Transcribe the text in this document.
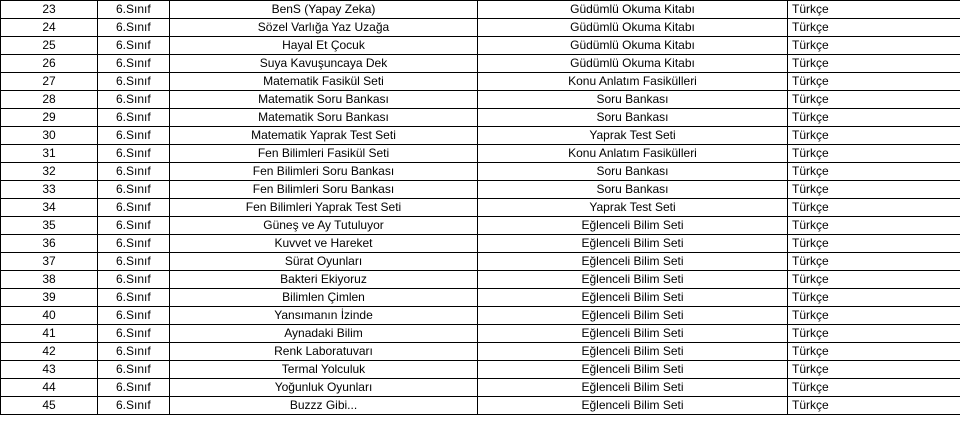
23	6.Sınıf	BenS (Yapay Zeka)	Güdümlü Okuma Kitabı	Türkçe
24	6.Sınıf	Sözel Varlığa Yaz Uzağa	Güdümlü Okuma Kitabı	Türkçe
25	6.Sınıf	Hayal Et Çocuk	Güdümlü Okuma Kitabı	Türkçe
26	6.Sınıf	Suya Kavuşuncaya Dek	Güdümlü Okuma Kitabı	Türkçe
27	6.Sınıf	Matematik Fasikül Seti	Konu Anlatım Fasikülleri	Türkçe
28	6.Sınıf	Matematik Soru Bankası	Soru Bankası	Türkçe
29	6.Sınıf	Matematik Soru Bankası	Soru Bankası	Türkçe
30	6.Sınıf	Matematik Yaprak Test Seti	Yaprak Test Seti	Türkçe
31	6.Sınıf	Fen Bilimleri Fasikül Seti	Konu Anlatım Fasikülleri	Türkçe
32	6.Sınıf	Fen Bilimleri Soru Bankası	Soru Bankası	Türkçe
33	6.Sınıf	Fen Bilimleri Soru Bankası	Soru Bankası	Türkçe
34	6.Sınıf	Fen Bilimleri Yaprak Test Seti	Yaprak Test Seti	Türkçe
35	6.Sınıf	Güneş ve Ay Tutuluyor	Eğlenceli Bilim Seti	Türkçe
36	6.Sınıf	Kuvvet ve Hareket	Eğlenceli Bilim Seti	Türkçe
37	6.Sınıf	Sürat Oyunları	Eğlenceli Bilim Seti	Türkçe
38	6.Sınıf	Bakteri Ekiyoruz	Eğlenceli Bilim Seti	Türkçe
39	6.Sınıf	Bilimlen Çimlen	Eğlenceli Bilim Seti	Türkçe
40	6.Sınıf	Yansımanın İzinde	Eğlenceli Bilim Seti	Türkçe
41	6.Sınıf	Aynadaki Bilim	Eğlenceli Bilim Seti	Türkçe
42	6.Sınıf	Renk Laboratuvarı	Eğlenceli Bilim Seti	Türkçe
43	6.Sınıf	Termal Yolculuk	Eğlenceli Bilim Seti	Türkçe
44	6.Sınıf	Yoğunluk Oyunları	Eğlenceli Bilim Seti	Türkçe
45	6.Sınıf	Buzzz Gibi...	Eğlenceli Bilim Seti	Türkçe
